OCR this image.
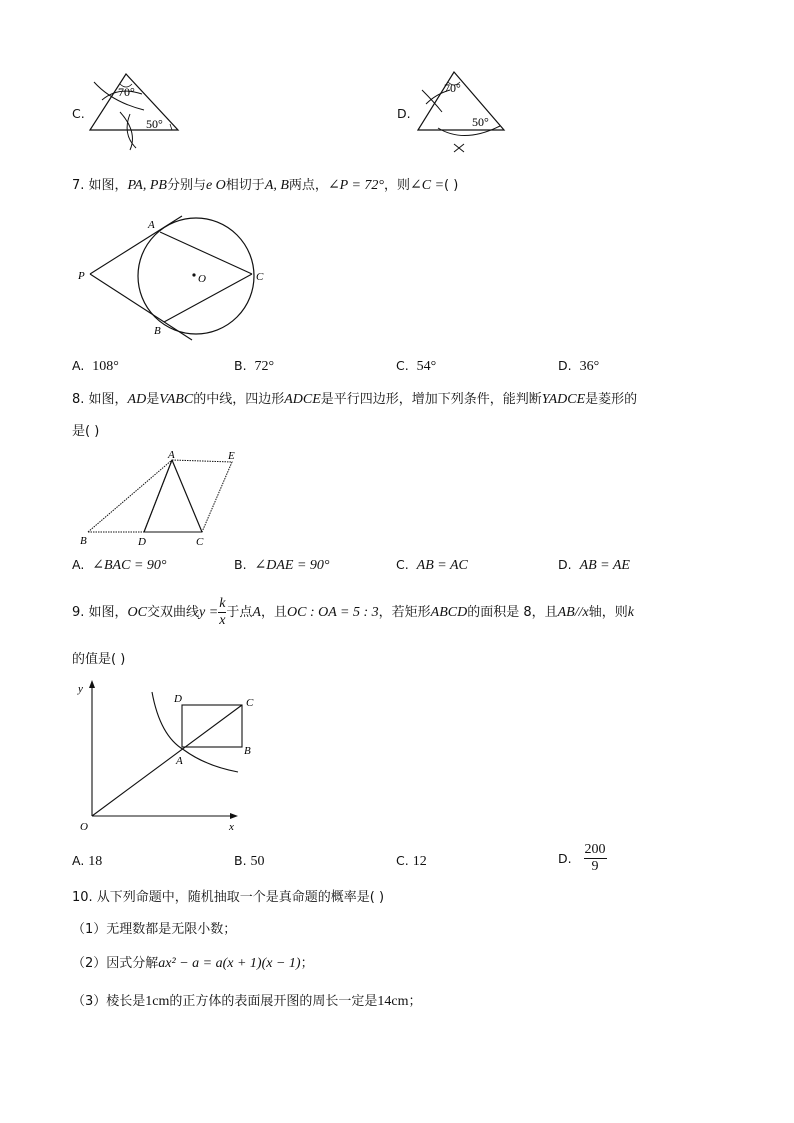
C.
70°
50°
D.
70°
50°
7. 如图，PA, PB分别与e O相切于A, B两点，∠P = 72°，则∠C =( )
A
P	O	C
B
A. 108°	B. 72°	C. 54°	D. 36°
8. 如图，AD是VABC的中线，四边形ADCE是平行四边形，增加下列条件，能判断YADCE是菱形的
是( )
A	E
B	D	C
A. ∠BAC = 90°	B. ∠DAE = 90°	C. AB = AC	D. AB = AE
9. 如图，OC交双曲线$y = \frac{k}{x}$ 于点A，且OC : OA = 5 : 3，若矩形ABCD的面积是 8，且AB//x轴，则k
的值是( )
y
O	x
D	C
B
A
A. 18	B. 50	C. 12	D. $\frac{200}{9}$
10. 从下列命题中，随机抽取一个是真命题的概率是( )
（1）无理数都是无限小数；
（2）因式分解ax² − a = a(x + 1)(x − 1)；
（3）棱长是1cm的正方体的表面展开图的周长一定是14cm；
